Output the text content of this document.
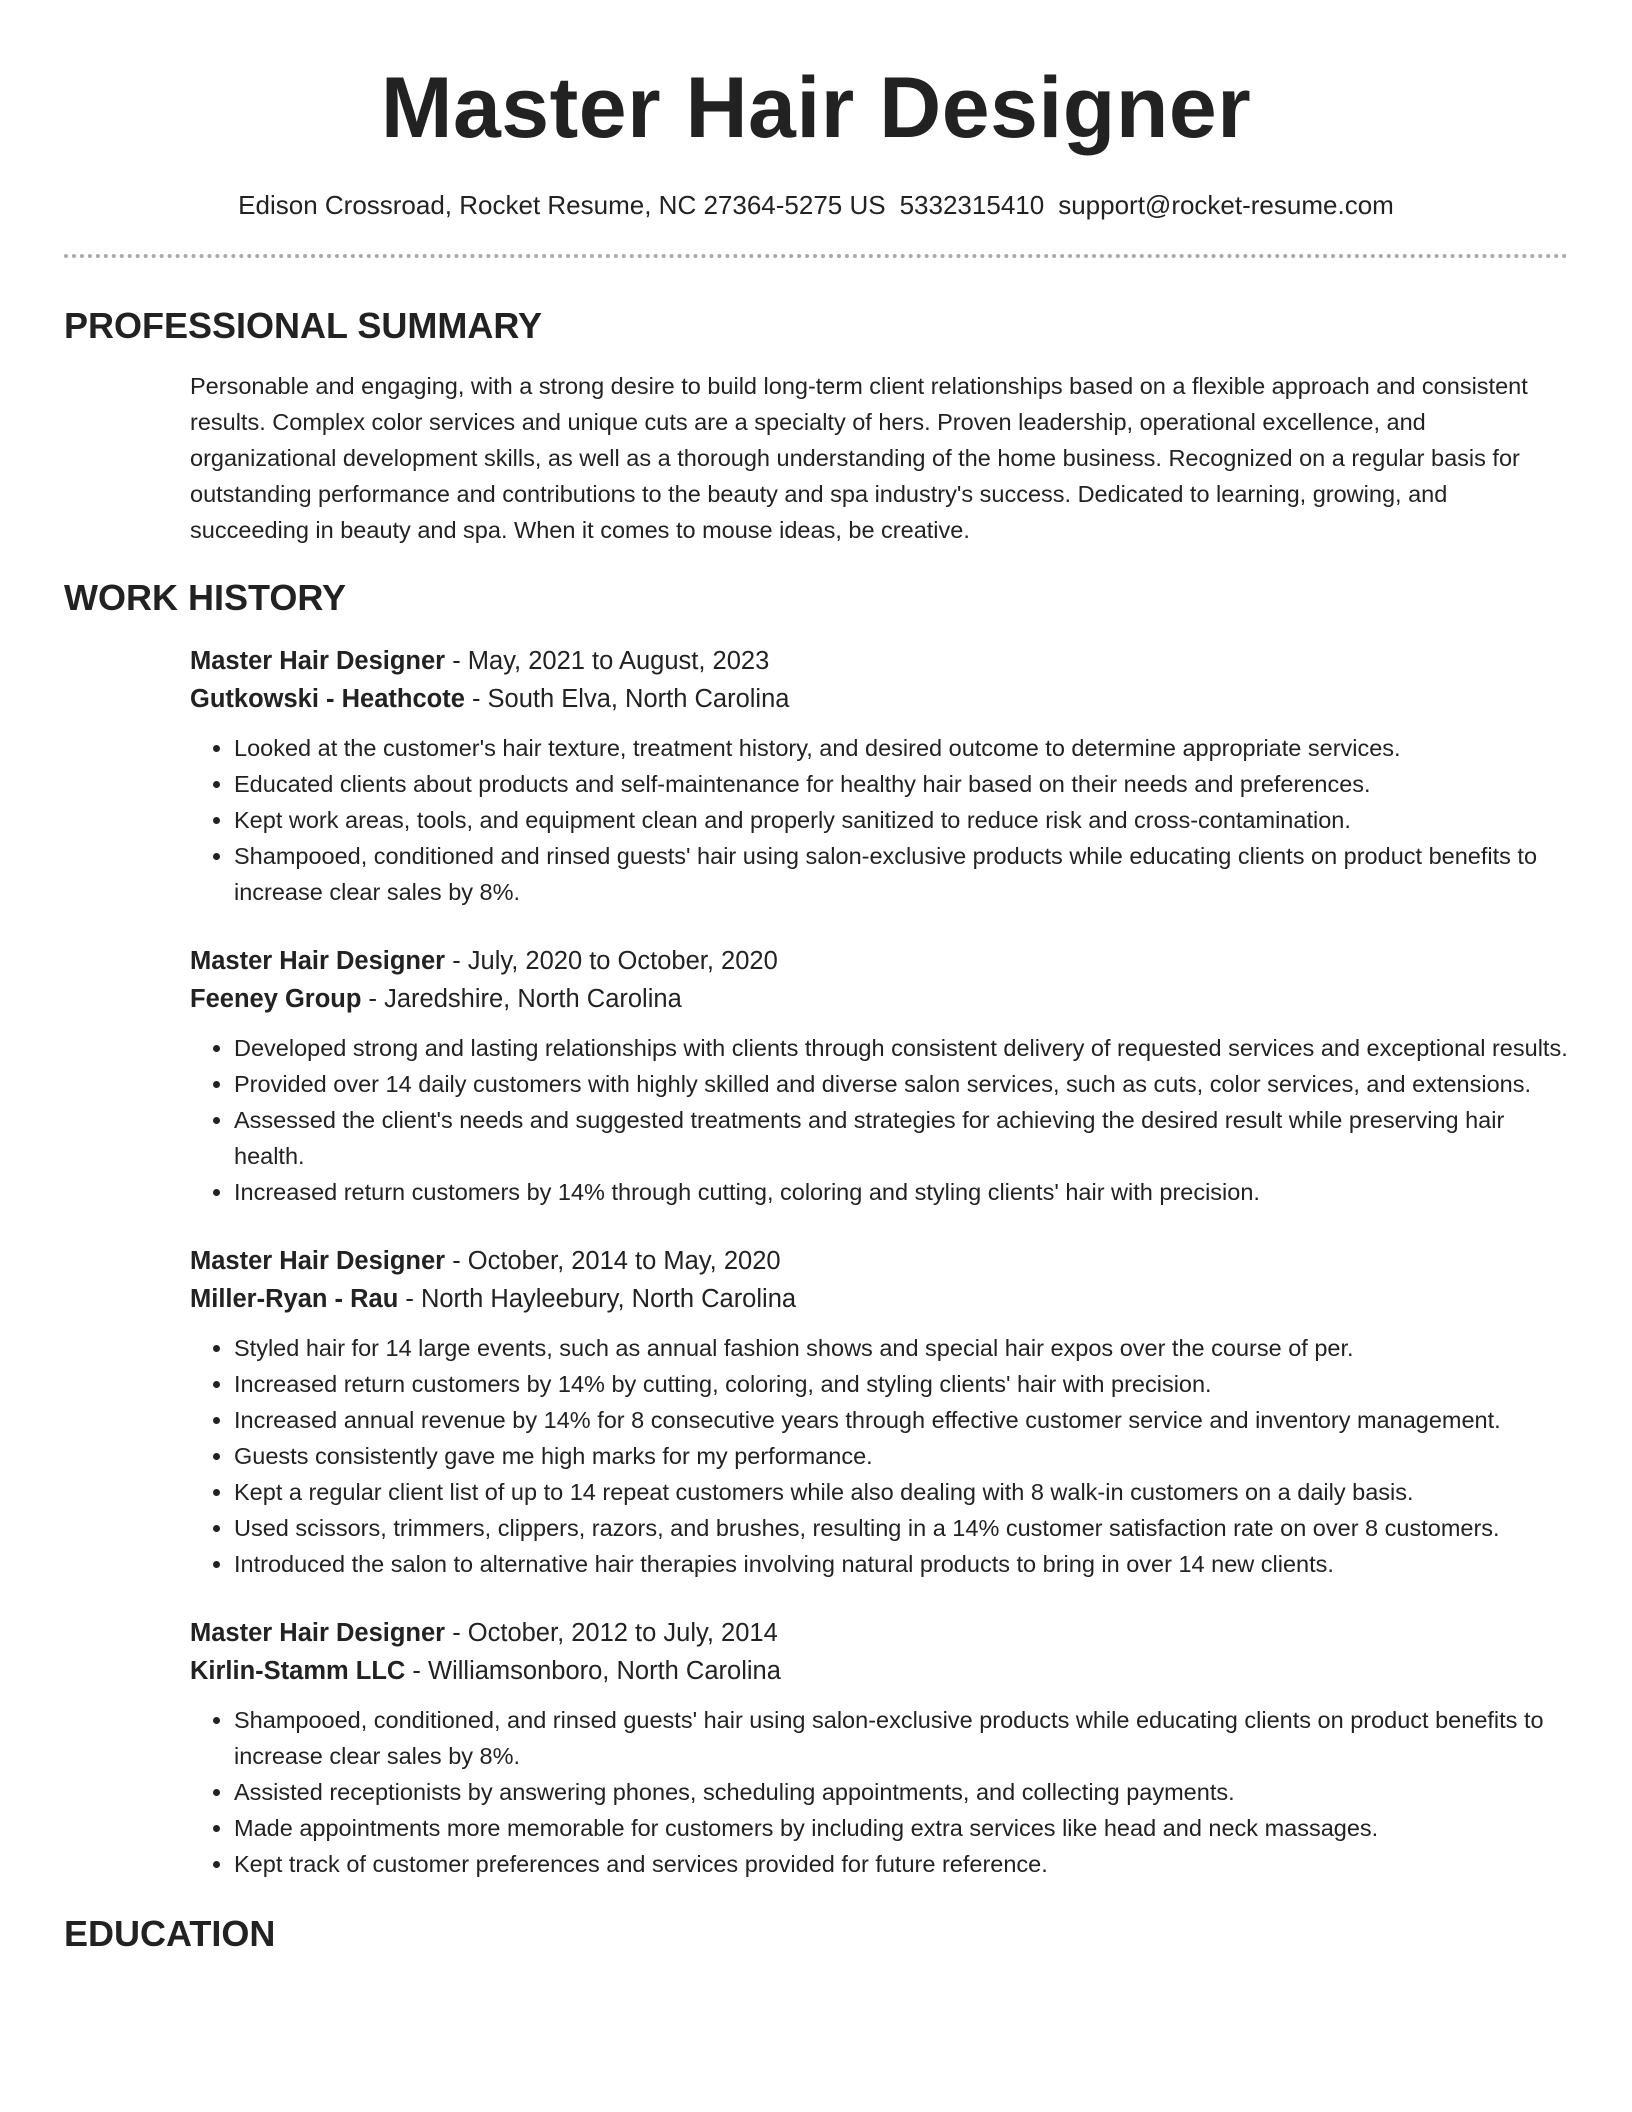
Master Hair Designer
Edison Crossroad, Rocket Resume, NC 27364-5275 US 5332315410 support@rocket-resume.com
PROFESSIONAL SUMMARY

Personable and engaging, with a strong desire to build long-term client relationships based on a flexible approach and consistent results. Complex color services and unique cuts are a specialty of hers. Proven leadership, operational excellence, and organizational development skills, as well as a thorough understanding of the home business. Recognized on a regular basis for outstanding performance and contributions to the beauty and spa industry's success. Dedicated to learning, growing, and succeeding in beauty and spa. When it comes to mouse ideas, be creative.

WORK HISTORY
Master Hair Designer - May, 2021 to August, 2023
Gutkowski - Heathcote - South Elva, North Carolina
• Looked at the customer's hair texture, treatment history, and desired outcome to determine appropriate services.
• Educated clients about products and self-maintenance for healthy hair based on their needs and preferences.
• Kept work areas, tools, and equipment clean and properly sanitized to reduce risk and cross-contamination.
• Shampooed, conditioned and rinsed guests' hair using salon-exclusive products while educating clients on product benefits to increase clear sales by 8%.
Master Hair Designer - July, 2020 to October, 2020
Feeney Group - Jaredshire, North Carolina
• Developed strong and lasting relationships with clients through consistent delivery of requested services and exceptional results.
• Provided over 14 daily customers with highly skilled and diverse salon services, such as cuts, color services, and extensions.
• Assessed the client's needs and suggested treatments and strategies for achieving the desired result while preserving hair health.
• Increased return customers by 14% through cutting, coloring and styling clients' hair with precision.
Master Hair Designer - October, 2014 to May, 2020
Miller-Ryan - Rau - North Hayleebury, North Carolina
• Styled hair for 14 large events, such as annual fashion shows and special hair expos over the course of per.
• Increased return customers by 14% by cutting, coloring, and styling clients' hair with precision.
• Increased annual revenue by 14% for 8 consecutive years through effective customer service and inventory management.
• Guests consistently gave me high marks for my performance.
• Kept a regular client list of up to 14 repeat customers while also dealing with 8 walk-in customers on a daily basis.
• Used scissors, trimmers, clippers, razors, and brushes, resulting in a 14% customer satisfaction rate on over 8 customers.
• Introduced the salon to alternative hair therapies involving natural products to bring in over 14 new clients.
Master Hair Designer - October, 2012 to July, 2014
Kirlin-Stamm LLC - Williamsonboro, North Carolina
• Shampooed, conditioned, and rinsed guests' hair using salon-exclusive products while educating clients on product benefits to increase clear sales by 8%.
• Assisted receptionists by answering phones, scheduling appointments, and collecting payments.
• Made appointments more memorable for customers by including extra services like head and neck massages.
• Kept track of customer preferences and services provided for future reference.
EDUCATION
